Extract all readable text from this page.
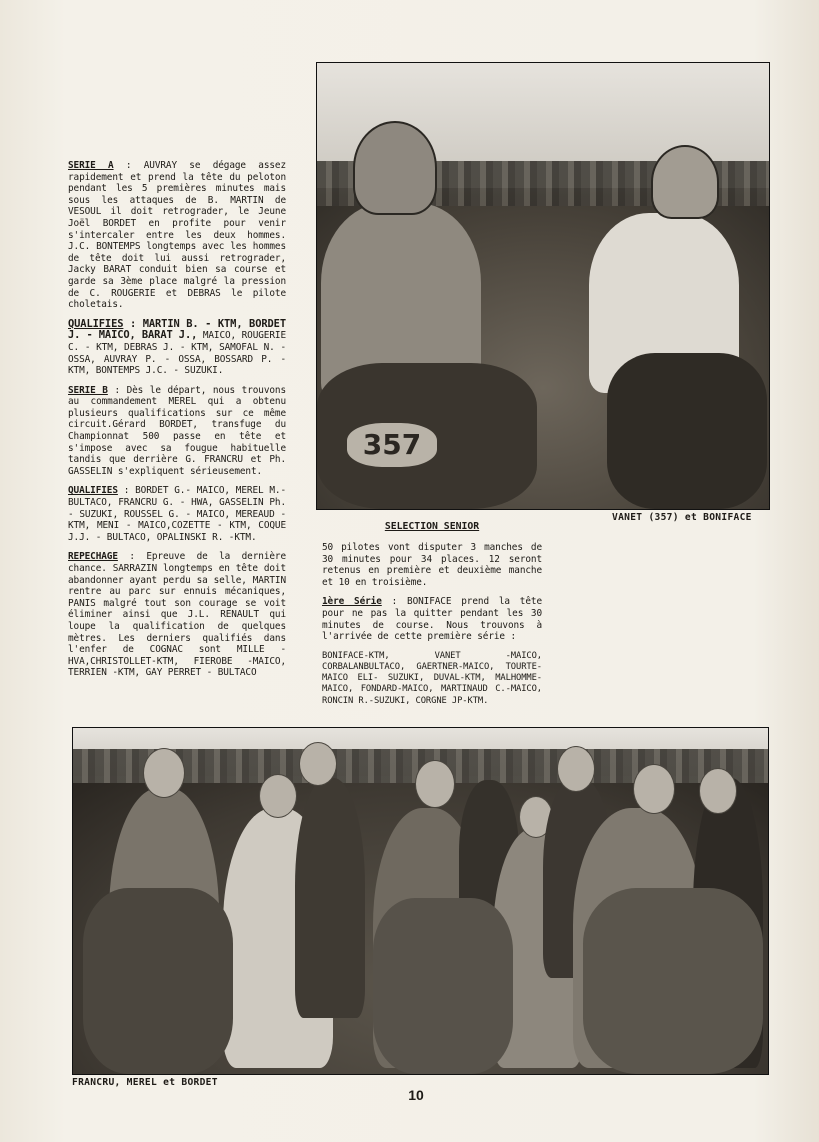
SERIE A : AUVRAY se dégage assez rapidement et prend la tête du peloton pendant les 5 premières minutes mais sous les attaques de B. MARTIN de VESOUL il doit retrograder, le Jeune Joël BORDET en profite pour venir s'intercaler entre les deux hommes. J.C. BONTEMPS longtemps avec les hommes de tête doit lui aussi retrograder, Jacky BARAT conduit bien sa course et garde sa 3ème place malgré la pression de C. ROUGERIE et DEBRAS le pilote choletais.

QUALIFIES : MARTIN B. - KTM, BORDET J. - MAICO, BARAT J., MAICO, ROUGERIE C. - KTM, DEBRAS J. - KTM, SAMOFAL N. - OSSA, AUVRAY P. - OSSA, BOSSARD P. - KTM, BONTEMPS J.C. - SUZUKI.

SERIE B : Dès le départ, nous trouvons au commandement MEREL qui a obtenu plusieurs qualifications sur ce même circuit.Gérard BORDET, transfuge du Championnat 500 passe en tête et s'impose avec sa fougue habituelle tandis que derrière G. FRANCRU et Ph. GASSELIN s'expliquent sérieusement.

QUALIFIES : BORDET G.- MAICO, MEREL M.- BULTACO, FRANCRU G. - HWA, GASSELIN Ph. - SUZUKI, ROUSSEL G. - MAICO, MEREAUD - KTM, MENI - MAICO,COZETTE - KTM, COQUE J.J. - BULTACO, OPALINSKI R. -KTM.

REPECHAGE : Epreuve de la dernière chance. SARRAZIN longtemps en tête doit abandonner ayant perdu sa selle, MARTIN rentre au parc sur ennuis mécaniques, PANIS malgré tout son courage se voit éliminer ainsi que J.L. RENAULT qui loupe la qualification de quelques mètres. Les derniers qualifiés dans l'enfer de COGNAC sont MILLE -HVA,CHRISTOLLET-KTM, FIEROBE -MAICO, TERRIEN -KTM, GAY PERRET - BULTACO

357
VANET (357) et BONIFACE
SELECTION SENIOR

50 pilotes vont disputer 3 manches de 30 minutes pour 34 places. 12 seront retenus en première et deuxième manche et 10 en troisième.

1ère Série : BONIFACE prend la tête pour ne pas la quitter pendant les 30 minutes de course. Nous trouvons à l'arrivée de cette première série :

BONIFACE-KTM, VANET -MAICO, CORBALANBULTACO, GAERTNER-MAICO, TOURTE-MAICO ELI- SUZUKI, DUVAL-KTM, MALHOMME-MAICO, FONDARD-MAICO, MARTINAUD C.-MAICO, RONCIN R.-SUZUKI, CORGNE JP-KTM.

FRANCRU, MEREL et BORDET
10
